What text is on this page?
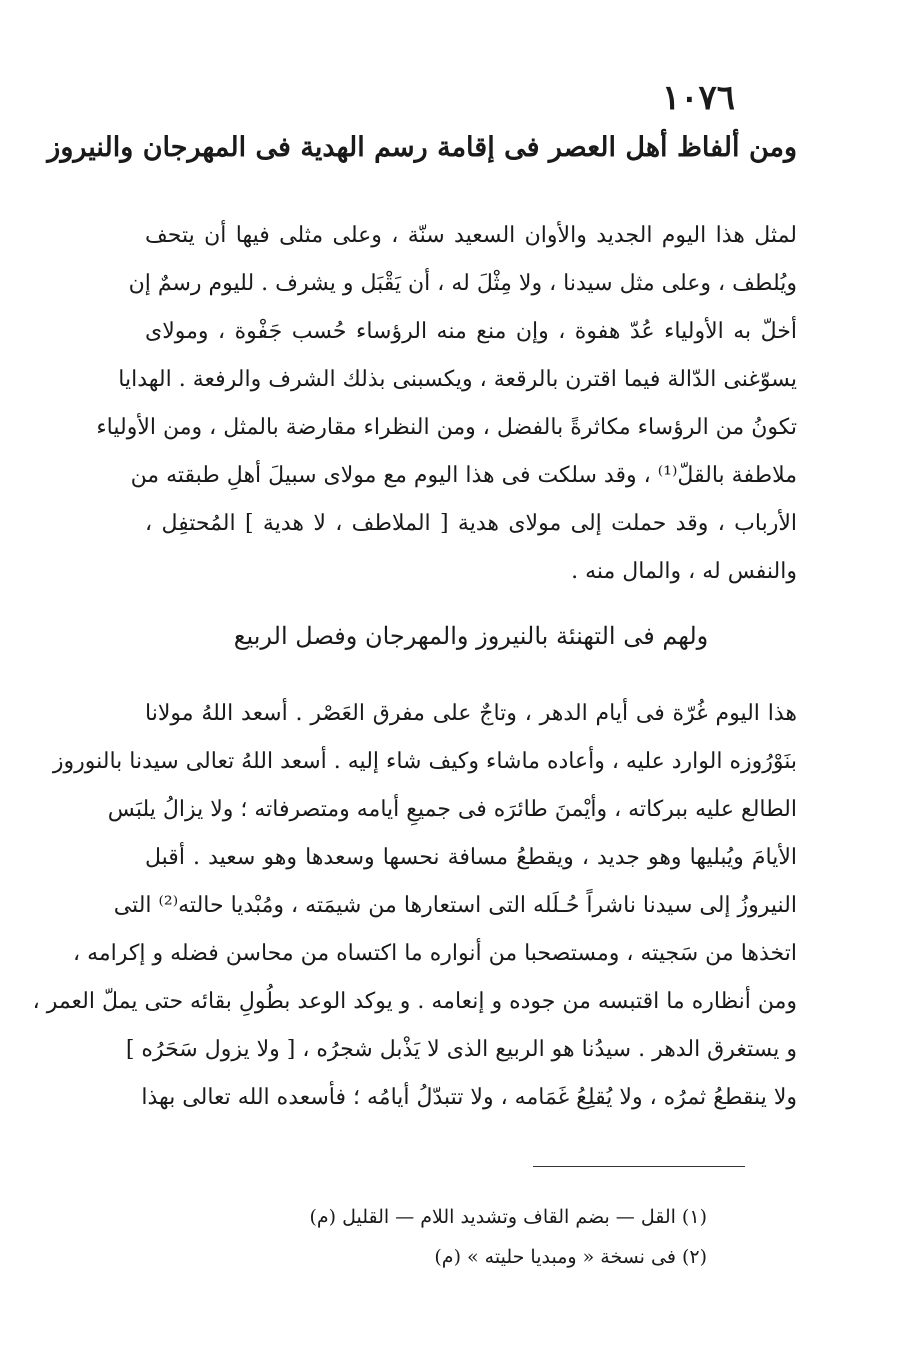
١٠٧٦
ومن ألفاظ أهل العصر فى إقامة رسم الهدية فى المهرجان والنيروز
لمثل هذا اليوم الجديد والأوان السعيد سنّة ، وعلى مثلى فيها أن يتحف
ويُلطف ، وعلى مثل سيدنا ، ولا مِثْلَ له ، أن يَقْبَل و يشرف . لليوم رسمٌ إن
أخلّ به الأولياء عُدّ هفوة ، وإن منع منه الرؤساء حُسب جَفْوة ، ومولاى
يسوّغنى الدّالة فيما اقترن بالرقعة ، ويكسبنى بذلك الشرف والرفعة . الهدايا
تكونُ من الرؤساء مكاثرةً بالفضل ، ومن النظراء مقارضة بالمثل ، ومن الأولياء
ملاطفة بالقلّ⁽¹⁾ ، وقد سلكت فى هذا اليوم مع مولاى سبيلَ أهلِ طبقته من
الأرباب ، وقد حملت إلى مولاى هدية [ الملاطف ، لا هدية ] المُحتفِل ،
والنفس له ، والمال منه .
ولهم فى التهنئة بالنيروز والمهرجان وفصل الربيع
هذا اليوم غُرّة فى أيام الدهر ، وتاجٌ على مفرق العَصْر . أسعد اللهُ مولانا
بنَوْرُوزه الوارد عليه ، وأعاده ماشاء وكيف شاء إليه . أسعد اللهُ تعالى سيدنا بالنوروز
الطالع عليه ببركاته ، وأيْمنَ طائرَه فى جميعِ أيامه ومتصرفاته ؛ ولا يزالُ يلبَس
الأيامَ ويُبليها وهو جديد ، ويقطعُ مسافة نحسها وسعدها وهو سعيد . أقبل
النيروزُ إلى سيدنا ناشراً حُـلَله التى استعارها من شيمَته ، ومُبْديا حالته⁽²⁾ التى
اتخذها من سَجيته ، ومستصحبا من أنواره ما اكتساه من محاسن فضله و إكرامه ،
ومن أنظاره ما اقتبسه من جوده و إنعامه . و يوكد الوعد بطُولِ بقائه حتى يملّ العمر ،
و يستغرق الدهر . سيدُنا هو الربيع الذى لا يَذْبل شجرُه ، [ ولا يزول سَحَرُه ]
ولا ينقطعُ ثمرُه ، ولا يُقلِعُ غَمَامه ، ولا تتبدّلُ أيامُه ؛ فأسعده الله تعالى بهذا
(١) القل — بضم القاف وتشديد اللام — القليل (م)
(٢) فى نسخة « ومبديا حليته » (م)
